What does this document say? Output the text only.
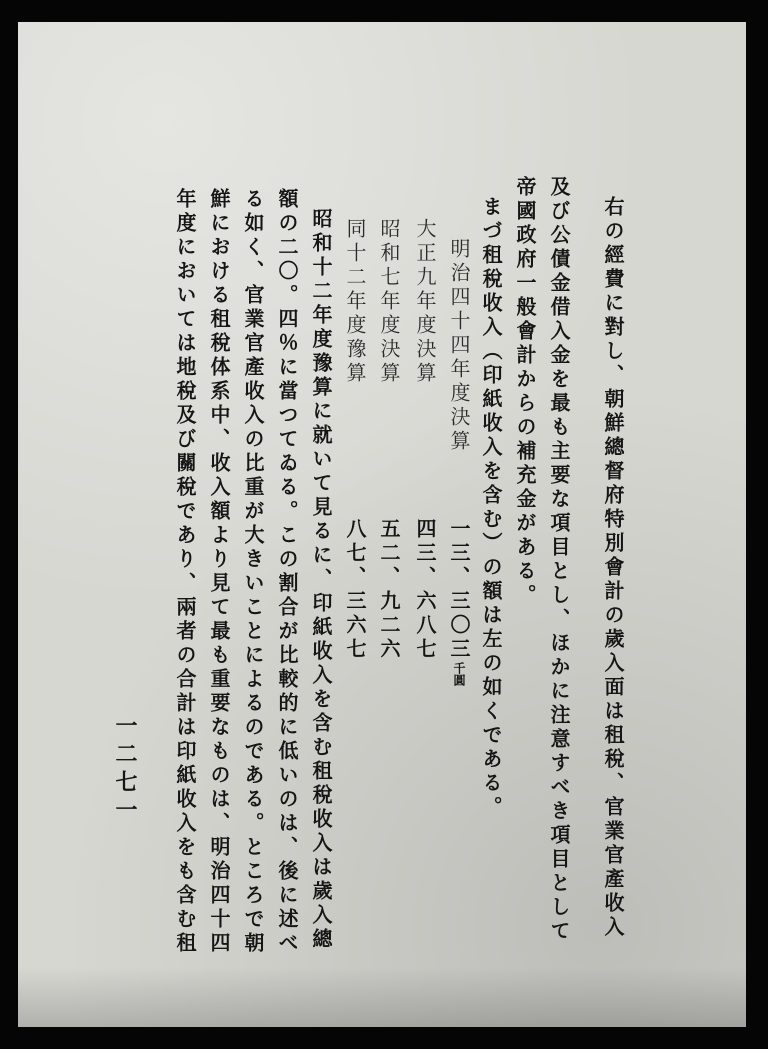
右の經費に對し、朝鮮總督府特別會計の歲入面は租稅、官業官產收入
及び公債金借入金を最も主要な項目とし、ほかに注意すべき項目として
帝國政府一般會計からの補充金がある。
まづ租稅收入（印紙收入を含む）の額は左の如くである。
明治四十四年度決算
大正九年度決算
昭和七年度決算
同十二年度豫算
一三、三〇三千圓
四三、六八七
五二、九二六
八七、三六七
昭和十二年度豫算に就いて見るに、印紙收入を含む租稅收入は歲入總
額の二〇。四％に當つてゐる。この割合が比較的に低いのは、後に述べ
る如く、官業官產收入の比重が大きいことによるのである。ところで朝
鮮における租稅体系中、收入額より見て最も重要なものは、明治四十四
年度においては地稅及び關稅であり、兩者の合計は印紙收入をも含む租
一二七一
